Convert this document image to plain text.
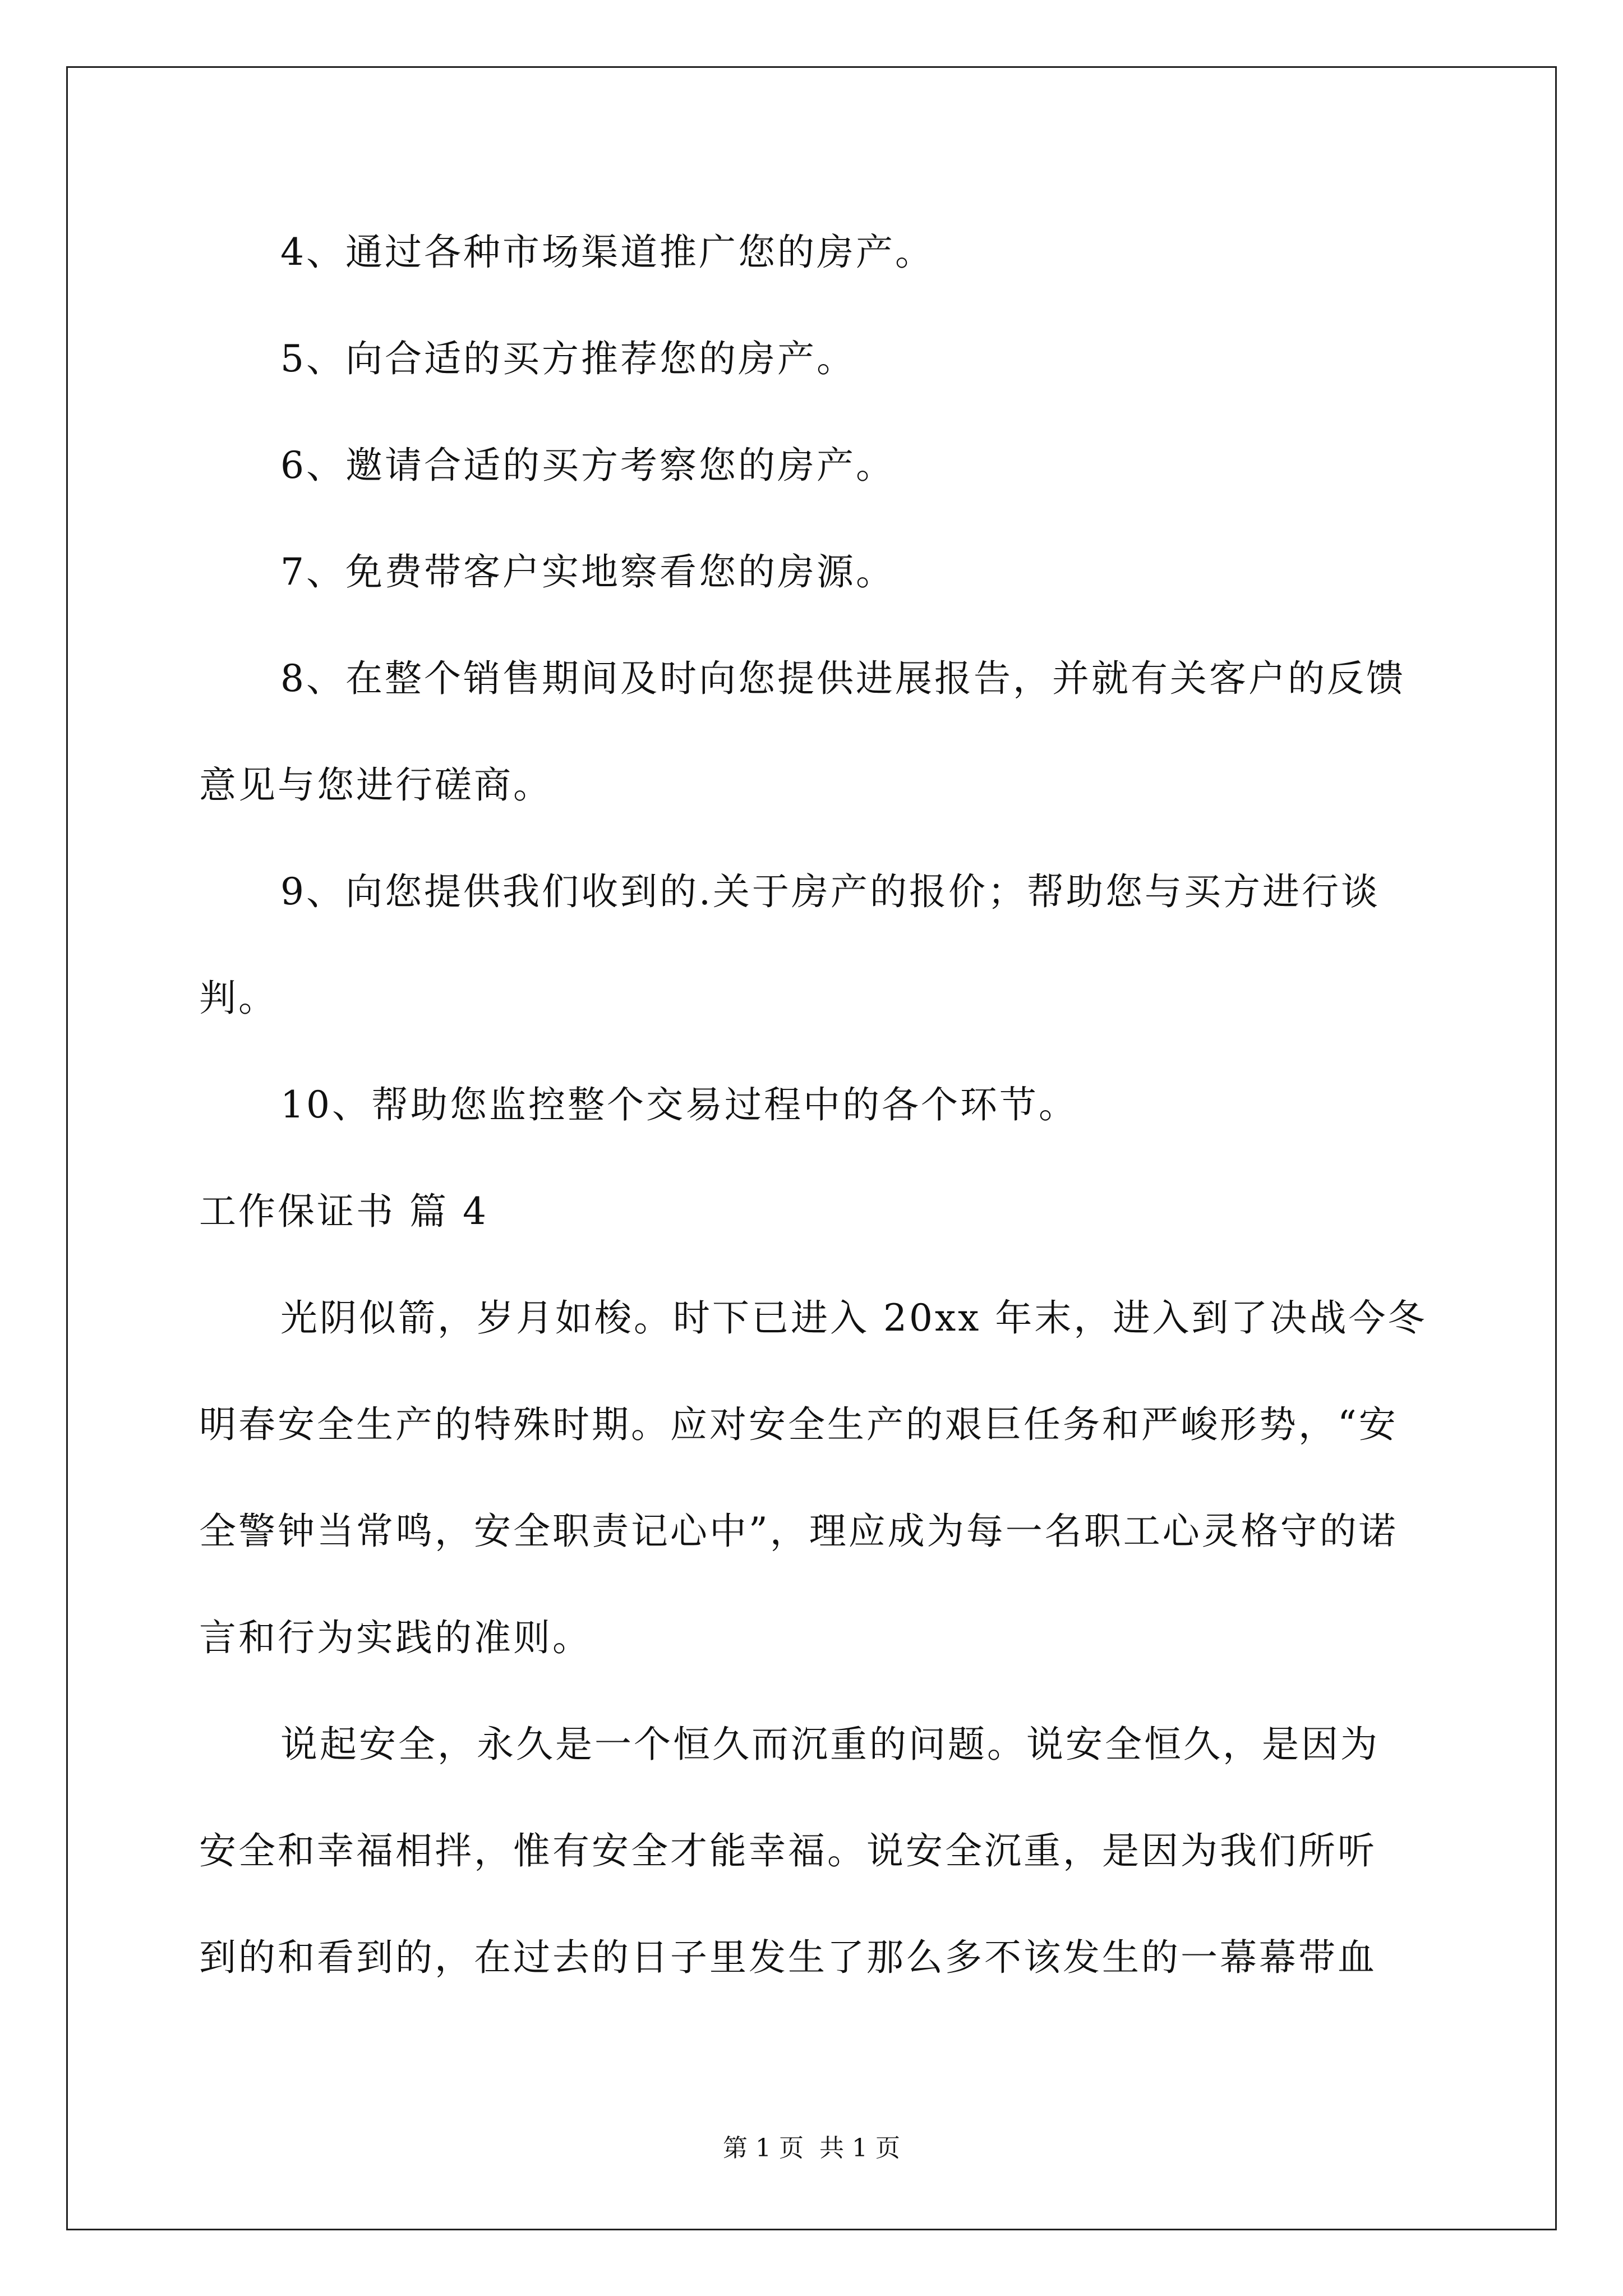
4、通过各种市场渠道推广您的房产。
5、向合适的买方推荐您的房产。
6、邀请合适的买方考察您的房产。
7、免费带客户实地察看您的房源。
8、在整个销售期间及时向您提供进展报告，并就有关客户的反馈
意见与您进行磋商。
9、向您提供我们收到的.关于房产的报价；帮助您与买方进行谈
判。
10、帮助您监控整个交易过程中的各个环节。
工作保证书 篇 4
光阴似箭，岁月如梭。时下已进入 20xx 年末，进入到了决战今冬
明春安全生产的特殊时期。应对安全生产的艰巨任务和严峻形势，“安
全警钟当常鸣，安全职责记心中”，理应成为每一名职工心灵格守的诺
言和行为实践的准则。
说起安全，永久是一个恒久而沉重的问题。说安全恒久，是因为
安全和幸福相拌，惟有安全才能幸福。说安全沉重，是因为我们所听
到的和看到的，在过去的日子里发生了那么多不该发生的一幕幕带血
第 1 页 共 1 页
